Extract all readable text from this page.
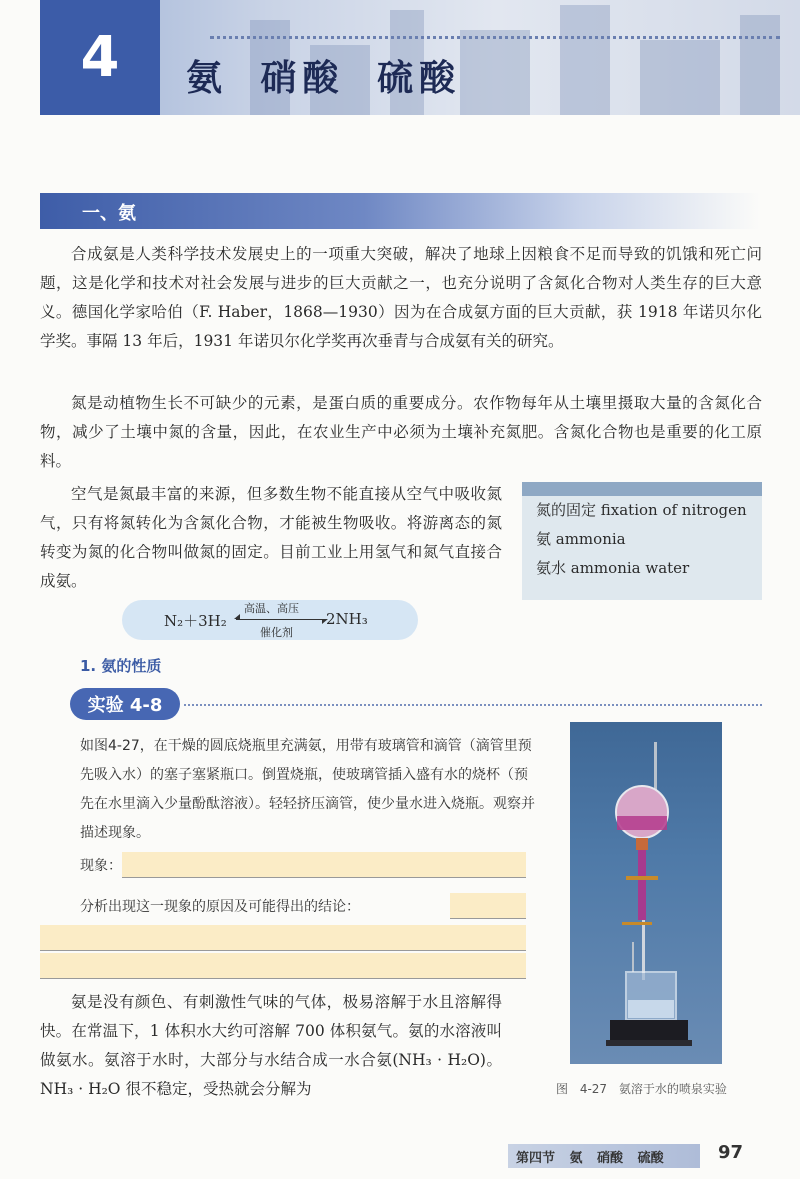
4	氨 硝酸 硫酸
一、氨

合成氨是人类科学技术发展史上的一项重大突破，解决了地球上因粮食不足而导致的饥饿和死亡问题，这是化学和技术对社会发展与进步的巨大贡献之一，也充分说明了含氮化合物对人类生存的巨大意义。德国化学家哈伯（F. Haber，1868—1930）因为在合成氨方面的巨大贡献，获 1918 年诺贝尔化学奖。事隔 13 年后，1931 年诺贝尔化学奖再次垂青与合成氨有关的研究。

氮是动植物生长不可缺少的元素，是蛋白质的重要成分。农作物每年从土壤里摄取大量的含氮化合物，减少了土壤中氮的含量，因此，在农业生产中必须为土壤补充氮肥。含氮化合物也是重要的化工原料。

空气是氮最丰富的来源，但多数生物不能直接从空气中吸收氮气，只有将氮转化为含氮化合物，才能被生物吸收。将游离态的氮转变为氮的化合物叫做氮的固定。目前工业上用氢气和氮气直接合成氨。

氮的固定 fixation of nitrogen
氨 ammonia
氨水 ammonia water
N₂＋3H₂
高温、高压
催化剂
2NH₃
1. 氨的性质
实验 4-8

如图4-27，在干燥的圆底烧瓶里充满氨，用带有玻璃管和滴管（滴管里预先吸入水）的塞子塞紧瓶口。倒置烧瓶，使玻璃管插入盛有水的烧杯（预先在水里滴入少量酚酞溶液）。轻轻挤压滴管，使少量水进入烧瓶。观察并描述现象。

现象：
分析出现这一现象的原因及可能得出的结论：

氨是没有颜色、有刺激性气味的气体，极易溶解于水且溶解得快。在常温下，1 体积水大约可溶解 700 体积氨气。氨的水溶液叫做氨水。氨溶于水时，大部分与水结合成一水合氨(NH₃ · H₂O)。NH₃ · H₂O 很不稳定，受热就会分解为	图 4-27 氨溶于水的喷泉实验
第四节 氨 硝酸 硫酸	97
